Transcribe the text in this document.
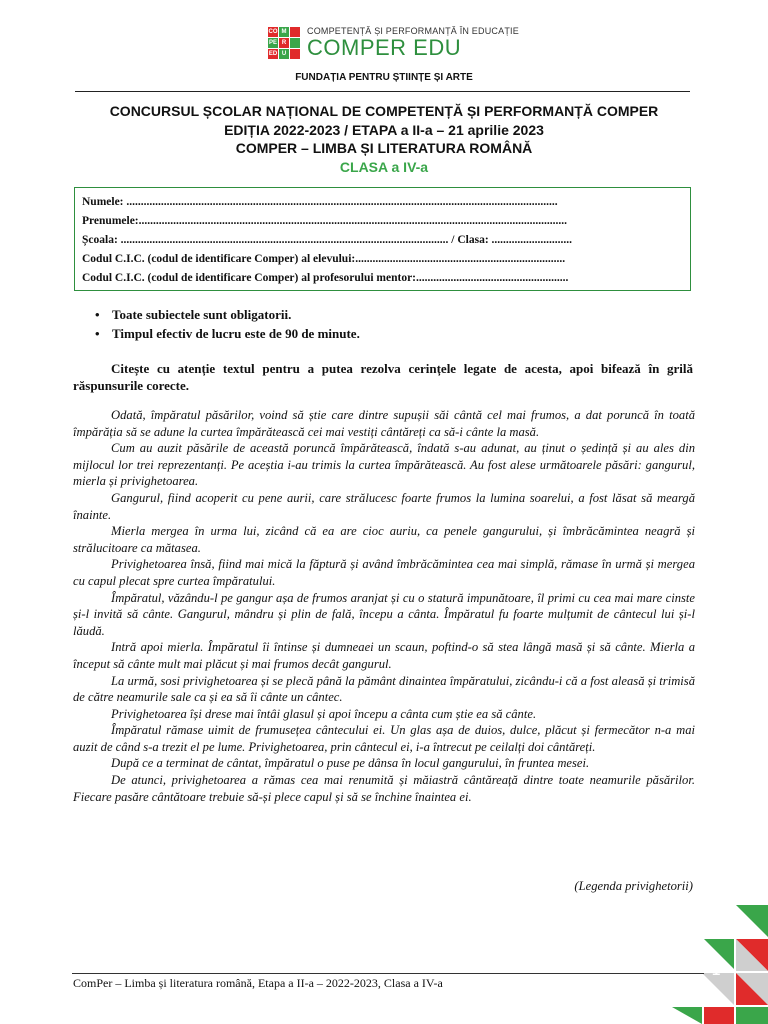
CO M
PE R
ED U
COMPETENȚĂ ȘI PERFORMANȚĂ ÎN EDUCAȚIE
COMPER EDU
FUNDAȚIA PENTRU ȘTIINȚE ȘI ARTE
CONCURSUL ȘCOLAR NAȚIONAL DE COMPETENȚĂ ȘI PERFORMANȚĂ COMPER
EDIȚIA 2022-2023 / ETAPA a II-a – 21 aprilie 2023
COMPER – LIMBA ȘI LITERATURA ROMÂNĂ
CLASA a IV-a
Numele: ......................................................................................................................................................
Prenumele:.....................................................................................................................................................
Școala: .................................................................................................................. / Clasa: ............................
Codul C.I.C. (codul de identificare Comper) al elevului:.........................................................................
Codul C.I.C. (codul de identificare Comper) al profesorului mentor:.....................................................
• Toate subiectele sunt obligatorii.
• Timpul efectiv de lucru este de 90 de minute.
Citește cu atenție textul pentru a putea rezolva cerințele legate de acesta, apoi bifează în grilă răspunsurile corecte.

Odată, împăratul păsărilor, voind să știe care dintre supușii săi cântă cel mai frumos, a dat poruncă în toată împărăția să se adune la curtea împărătească cei mai vestiți cântăreți ca să-i cânte la masă.

Cum au auzit păsările de această poruncă împărătească, îndată s-au adunat, au ținut o ședință și au ales din mijlocul lor trei reprezentanți. Pe aceștia i-au trimis la curtea împărătească. Au fost alese următoarele păsări: gangurul, mierla și privighetoarea.

Gangurul, fiind acoperit cu pene aurii, care strălucesc foarte frumos la lumina soarelui, a fost lăsat să meargă înainte.

Mierla mergea în urma lui, zicând că ea are cioc auriu, ca penele gangurului, și îmbrăcămintea neagră și strălucitoare ca mătasea.

Privighetoarea însă, fiind mai mică la făptură și având îmbrăcămintea cea mai simplă, rămase în urmă și mergea cu capul plecat spre curtea împăratului.

Împăratul, văzându-l pe gangur așa de frumos aranjat și cu o statură impunătoare, îl primi cu cea mai mare cinste și-l invită să cânte. Gangurul, mândru și plin de fală, începu a cânta. Împăratul fu foarte mulțumit de cântecul lui și-l lăudă.

Intră apoi mierla. Împăratul îi întinse și dumneaei un scaun, poftind-o să stea lângă masă și să cânte. Mierla a început să cânte mult mai plăcut și mai frumos decât gangurul.

La urmă, sosi privighetoarea și se plecă până la pământ dinaintea împăratului, zicându-i că a fost aleasă și trimisă de către neamurile sale ca și ea să îi cânte un cântec.

Privighetoarea își drese mai întâi glasul și apoi începu a cânta cum știe ea să cânte.

Împăratul rămase uimit de frumusețea cântecului ei. Un glas așa de duios, dulce, plăcut și fermecător n-a mai auzit de când s-a trezit el pe lume. Privighetoarea, prin cântecul ei, i-a întrecut pe ceilalți doi cântăreți.

După ce a terminat de cântat, împăratul o puse pe dânsa în locul gangurului, în fruntea mesei.

De atunci, privighetoarea a rămas cea mai renumită și măiastră cântăreață dintre toate neamurile păsărilor. Fiecare pasăre cântătoare trebuie să-și plece capul și să se închine înaintea ei.

(Legenda privighetorii)
1
ComPer – Limba și literatura română, Etapa a II-a – 2022-2023, Clasa a IV-a
